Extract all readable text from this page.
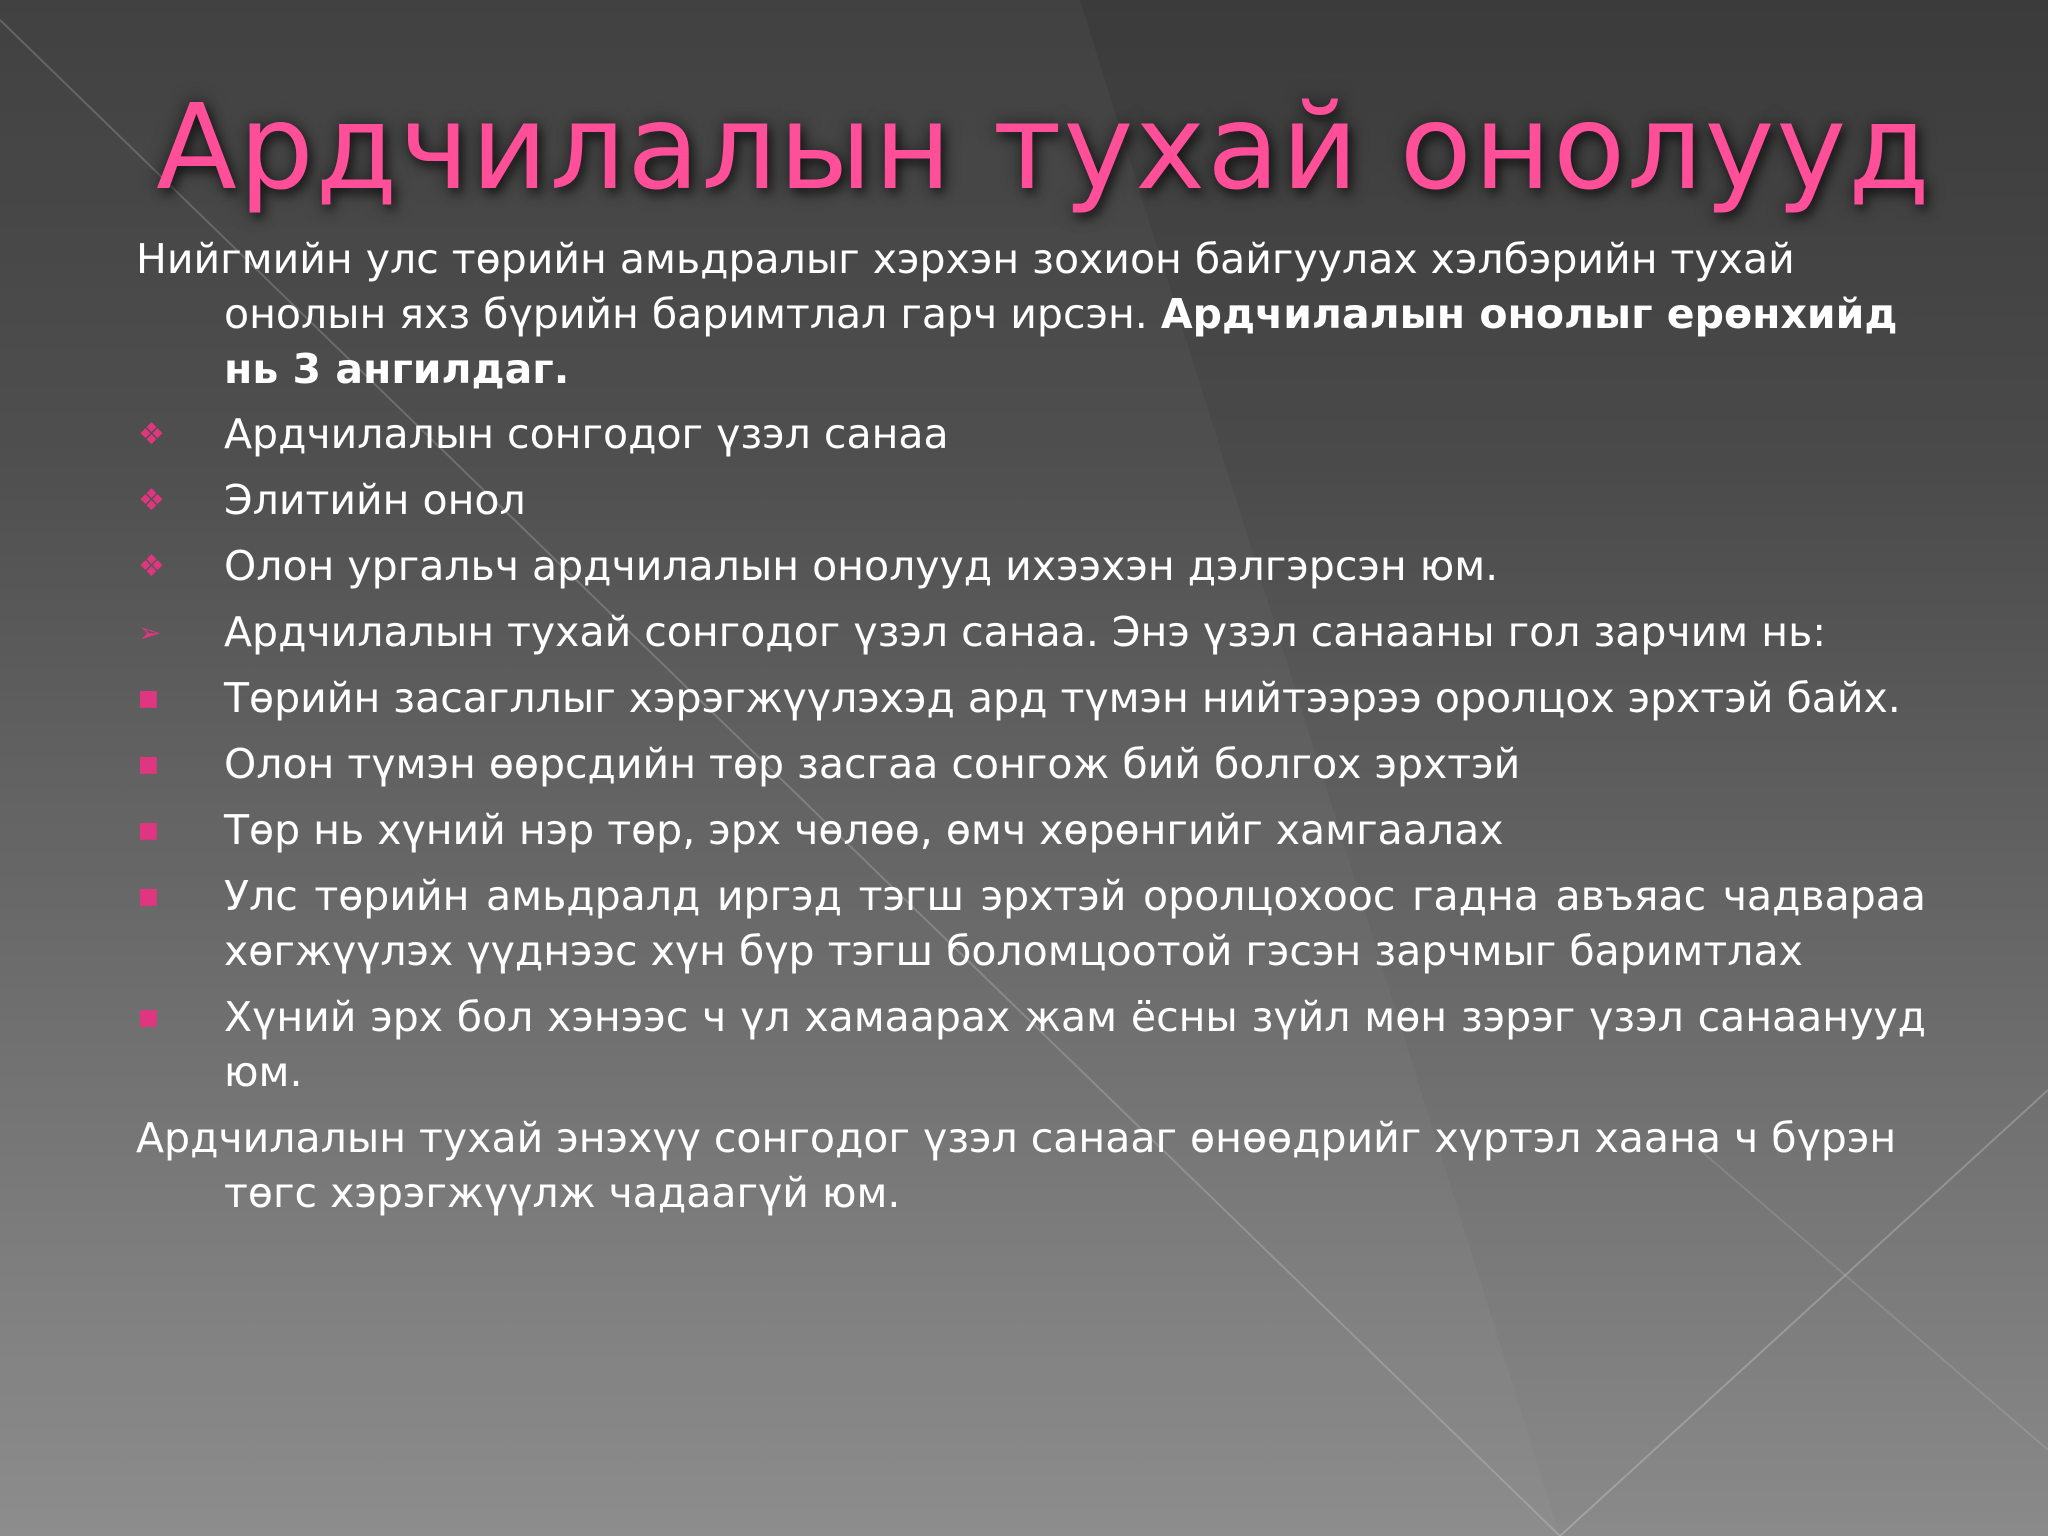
Ардчилалын тухай онолууд
Нийгмийн улс төрийн амьдралыг хэрхэн зохион байгуулах хэлбэрийн тухай онолын яхз бүрийн баримтлал гарч ирсэн. Ардчилалын онолыг ерөнхийд нь 3 ангилдаг.
❖	Ардчилалын сонгодог үзэл санаа
❖	Элитийн онол
❖	Олон ургальч ардчилалын онолууд ихээхэн дэлгэрсэн юм.
➢	Ардчилалын тухай сонгодог үзэл санаа. Энэ үзэл санааны гол зарчим нь:
■	Төрийн засагллыг хэрэгжүүлэхэд ард түмэн нийтээрээ оролцох эрхтэй байх.
■	Олон түмэн өөрсдийн төр засгаа сонгож бий болгох эрхтэй
■	Төр нь хүний нэр төр, эрх чөлөө, өмч хөрөнгийг хамгаалах
■	Улс төрийн амьдралд иргэд тэгш эрхтэй оролцохоос гадна авъяас чадвараа хөгжүүлэх үүднээс хүн бүр тэгш боломцоотой гэсэн зарчмыг баримтлах
■	Хүний эрх бол хэнээс ч үл хамаарах жам ёсны зүйл мөн зэрэг үзэл санаанууд юм.
Ардчилалын тухай энэхүү сонгодог үзэл санааг өнөөдрийг хүртэл хаана ч бүрэн төгс хэрэгжүүлж чадаагүй юм.
